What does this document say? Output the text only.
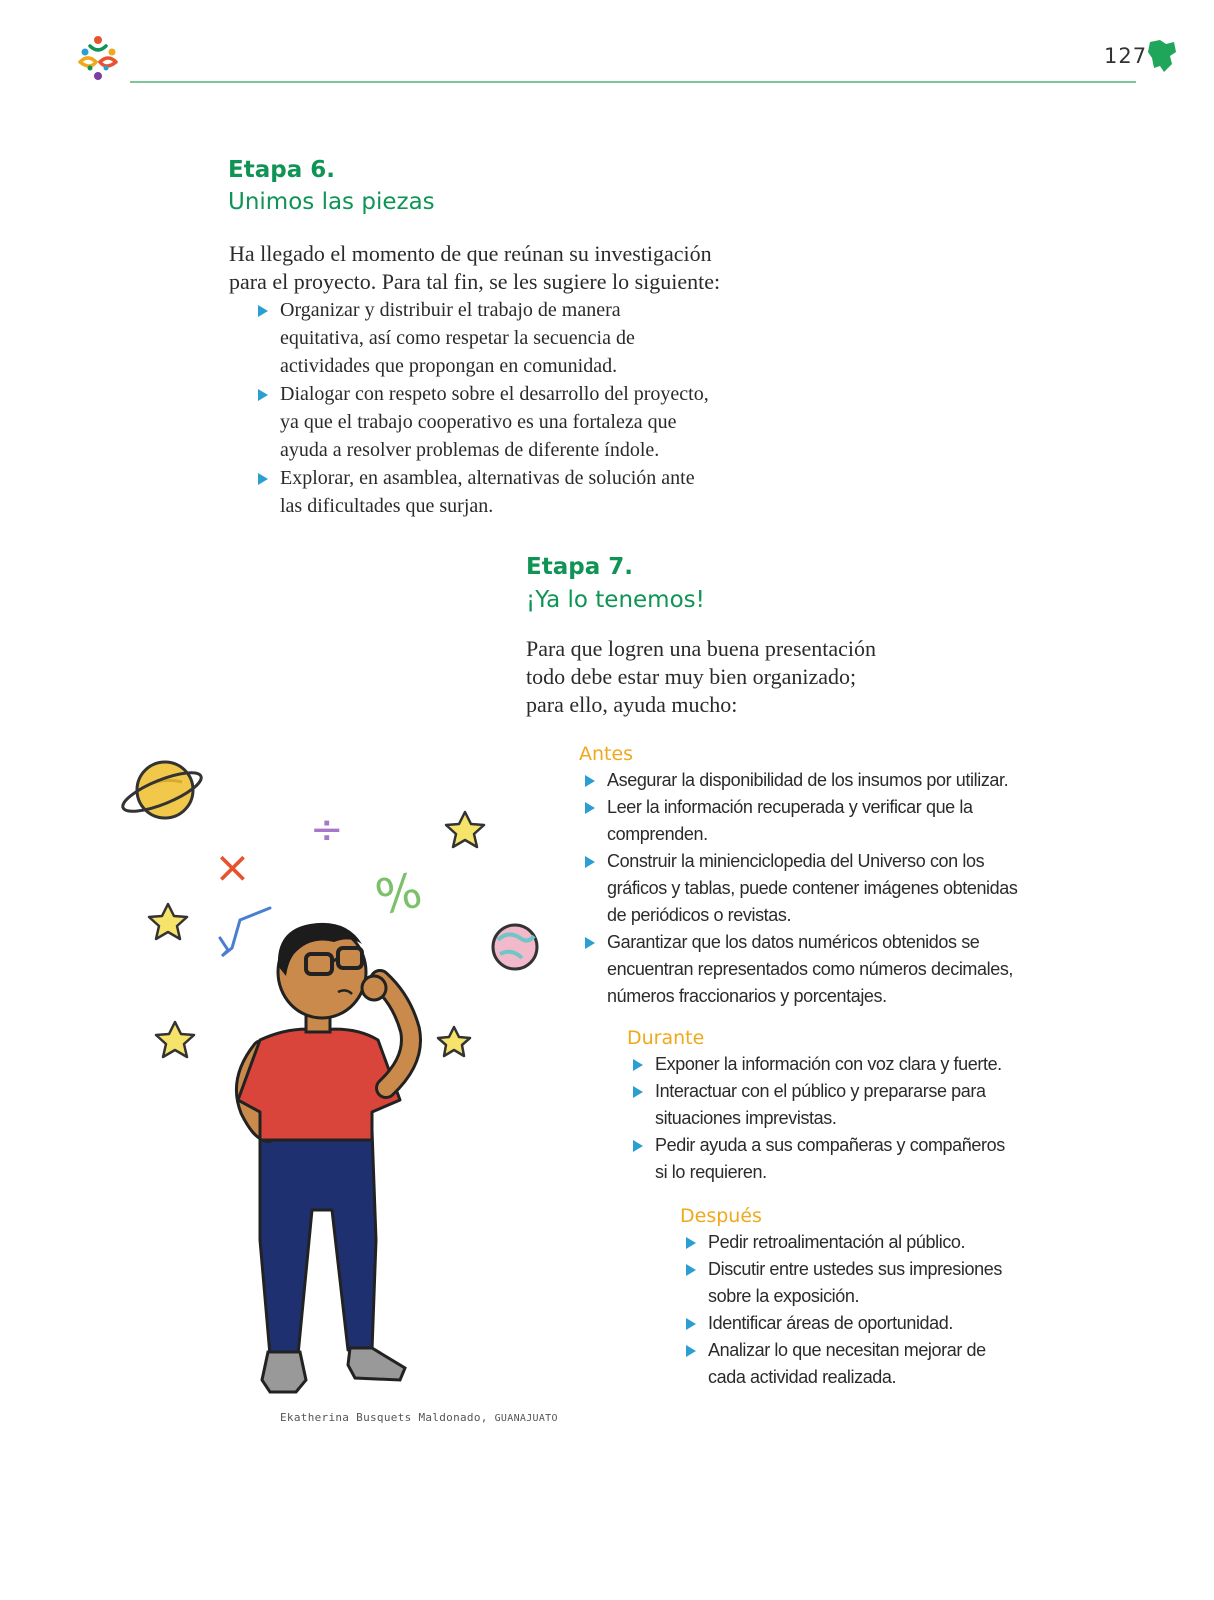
127
Etapa 6.
Unimos las piezas
Ha llegado el momento de que reúnan su investigación
para el proyecto. Para tal fin, se les sugiere lo siguiente:
Organizar y distribuir el trabajo de manera
equitativa, así como respetar la secuencia de
actividades que propongan en comunidad.
Dialogar con respeto sobre el desarrollo del proyecto,
ya que el trabajo cooperativo es una fortaleza que
ayuda a resolver problemas de diferente índole.
Explorar, en asamblea, alternativas de solución ante
las dificultades que surjan.
Etapa 7.
¡Ya lo tenemos!
Para que logren una buena presentación
todo debe estar muy bien organizado;
para ello, ayuda mucho:
Antes
Asegurar la disponibilidad de los insumos por utilizar.
Leer la información recuperada y verificar que la
comprenden.
Construir la minienciclopedia del Universo con los
gráficos y tablas, puede contener imágenes obtenidas
de periódicos o revistas.
Garantizar que los datos numéricos obtenidos se
encuentran representados como números decimales,
números fraccionarios y porcentajes.
Durante
Exponer la información con voz clara y fuerte.
Interactuar con el público y prepararse para
situaciones imprevistas.
Pedir ayuda a sus compañeras y compañeros
si lo requieren.
Después
Pedir retroalimentación al público.
Discutir entre ustedes sus impresiones
sobre la exposición.
Identificar áreas de oportunidad.
Analizar lo que necesitan mejorar de
cada actividad realizada.
÷
× %
Ekatherina Busquets Maldonado, GUANAJUATO
